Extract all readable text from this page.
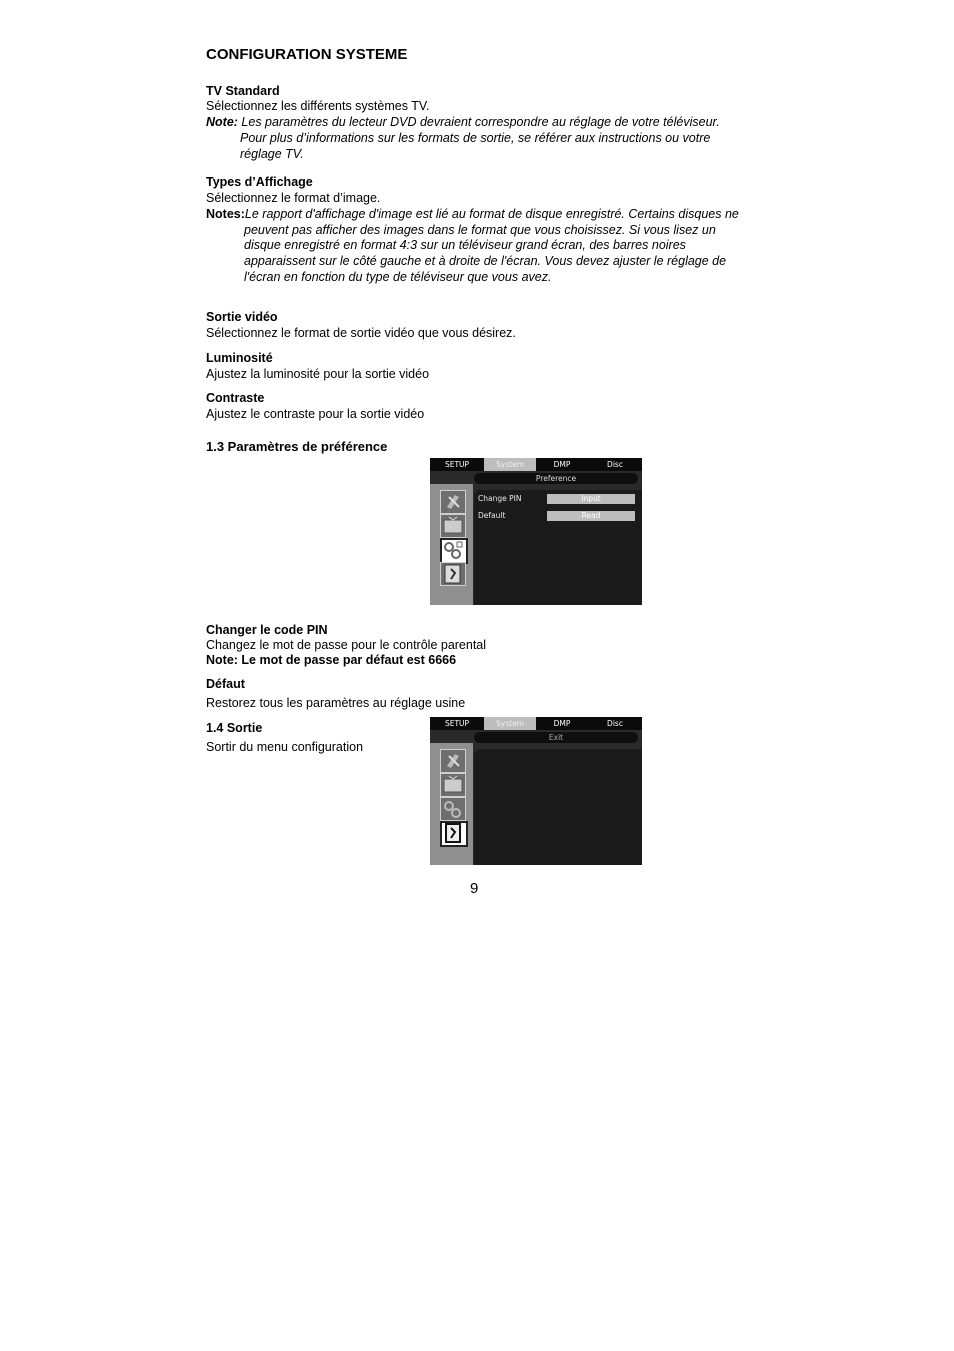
CONFIGURATION SYSTEME
TV Standard
Sélectionnez les différents systèmes TV.
Note: Les paramètres du lecteur DVD devraient correspondre au réglage de votre téléviseur.
Pour plus d’informations sur les formats de sortie, se référer aux instructions ou votre
réglage TV.
Types d’Affichage
Sélectionnez le format d’image.
Notes:Le rapport d'affichage d'image est lié au format de disque enregistré. Certains disques ne
peuvent pas afficher des images dans le format que vous choisissez. Si vous lisez un
disque enregistré en format 4:3 sur un téléviseur grand écran, des barres noires
apparaissent sur le côté gauche et à droite de l'écran. Vous devez ajuster le réglage de
l'écran en fonction du type de téléviseur que vous avez.
Sortie vidéo
Sélectionnez le format de sortie vidéo que vous désirez.
Luminosité
Ajustez la luminosité pour la sortie vidéo
Contraste
Ajustez le contraste pour la sortie vidéo
1.3 Paramètres de préférence
SETUP	System	DMP	Disc
Preference
Change PIN	Input
Default	Read
Changer le code PIN
Changez le mot de passe pour le contrôle parental
Note: Le mot de passe par défaut est 6666
Défaut
Restorez tous les paramètres au réglage usine
1.4 Sortie
Sortir du menu configuration
SETUP	System	DMP	Disc
Exit
9
